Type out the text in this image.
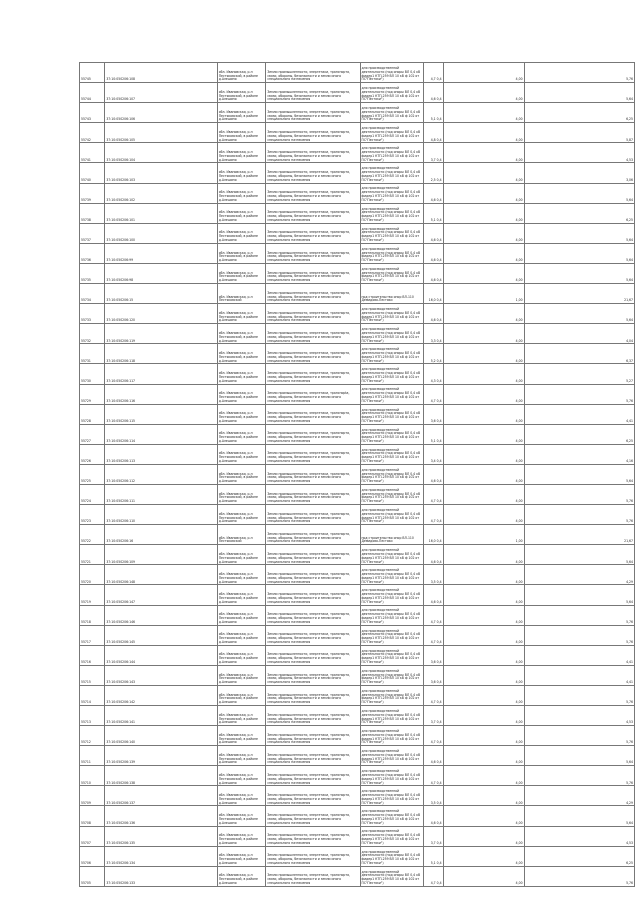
55745	37:10:050206:108	обл. Ивановская, р-н Пестяковский, в районе д.Алешино	Земли промышленности, энергетики, транспорта, связи, обороны, безопасности и земли иного специального назначения	для производственной деятельности (под опоры ВЛ 0,4 кВ фидер1 КТП-259 ВЛ 10 кВ ф 102 от ПС"Пестяки")	4,70,4	4,00	5,76
55744	37:10:050206:107	обл. Ивановская, р-н Пестяковский, в районе д.Алешино	Земли промышленности, энергетики, транспорта, связи, обороны, безопасности и земли иного специального назначения	для производственной деятельности (под опоры ВЛ 0,4 кВ фидер1 КТП-259 ВЛ 10 кВ ф 102 от ПС"Пестяки")	4,60,4	4,00	5,64
55743	37:10:050206:106	обл. Ивановская, р-н Пестяковский, в районе д.Алешино	Земли промышленности, энергетики, транспорта, связи, обороны, безопасности и земли иного специального назначения	для производственной деятельности (под опоры ВЛ 0,4 кВ фидер1 КТП-259 ВЛ 10 кВ ф 102 от ПС"Пестяки")	5,10,4	4,00	6,25
55742	37:10:050206:105	обл. Ивановская, р-н Пестяковский, в районе д.Алешино	Земли промышленности, энергетики, транспорта, связи, обороны, безопасности и земли иного специального назначения	для производственной деятельности (под опоры ВЛ 0,4 кВ фидер1 КТП-259 ВЛ 10 кВ ф 102 от ПС"Пестяки")	4,80,4	4,00	5,87
55741	37:10:050206:104	обл. Ивановская, р-н Пестяковский, в районе д.Алешино	Земли промышленности, энергетики, транспорта, связи, обороны, безопасности и земли иного специального назначения	для производственной деятельности (под опоры ВЛ 0,4 кВ фидер1 КТП-259 ВЛ 10 кВ ф 102 от ПС"Пестяки")	3,70,4	4,00	4,53
55740	37:10:050206:103	обл. Ивановская, р-н Пестяковский, в районе д.Алешино	Земли промышленности, энергетики, транспорта, связи, обороны, безопасности и земли иного специального назначения	для производственной деятельности (под опоры ВЛ 0,4 кВ фидер1 КТП-259 ВЛ 10 кВ ф 102 от ПС"Пестяки")	2,50,4	4,00	3,06
55739	37:10:050206:102	обл. Ивановская, р-н Пестяковский, в районе д.Алешино	Земли промышленности, энергетики, транспорта, связи, обороны, безопасности и земли иного специального назначения	для производственной деятельности (под опоры ВЛ 0,4 кВ фидер1 КТП-259 ВЛ 10 кВ ф 102 от ПС"Пестяки")	4,60,4	4,00	5,64
55738	37:10:050206:101	обл. Ивановская, р-н Пестяковский, в районе д.Алешино	Земли промышленности, энергетики, транспорта, связи, обороны, безопасности и земли иного специального назначения	для производственной деятельности (под опоры ВЛ 0,4 кВ фидер1 КТП-259 ВЛ 10 кВ ф 102 от ПС"Пестяки")	5,10,4	4,00	6,25
55737	37:10:050206:100	обл. Ивановская, р-н Пестяковский, в районе д.Алешино	Земли промышленности, энергетики, транспорта, связи, обороны, безопасности и земли иного специального назначения	для производственной деятельности (под опоры ВЛ 0,4 кВ фидер1 КТП-259 ВЛ 10 кВ ф 102 от ПС"Пестяки")	4,60,4	4,00	5,64
55736	37:10:050206:99	обл. Ивановская, р-н Пестяковский, в районе д.Алешино	Земли промышленности, энергетики, транспорта, связи, обороны, безопасности и земли иного специального назначения	для производственной деятельности (под опоры ВЛ 0,4 кВ фидер1 КТП-259 ВЛ 10 кВ ф 102 от ПС"Пестяки")	4,60,4	4,00	5,64
55735	37:10:050206:98	обл. Ивановская, р-н Пестяковский, в районе д.Алешино	Земли промышленности, энергетики, транспорта, связи, обороны, безопасности и земли иного специального назначения	для производственной деятельности (под опоры ВЛ 0,4 кВ фидер1 КТП-259 ВЛ 10 кВ ф 102 от ПС"Пестяки")	4,60,4	4,00	5,64
55734	37:10:050206:15	обл. Ивановская, р-н Пестяковский	Земли промышленности, энергетики, транспорта, связи, обороны, безопасности и земли иного специального назначения	под строительство опор ВЛ-110 Демидово-Пестяки	16,00,4	1,00	21,67
55733	37:10:050206:120	обл. Ивановская, р-н Пестяковский, в районе д.Алешино	Земли промышленности, энергетики, транспорта, связи, обороны, безопасности и земли иного специального назначения	для производственной деятельности (под опоры ВЛ 0,4 кВ фидер1 КТП-259 ВЛ 10 кВ ф 102 от ПС"Пестяки")	4,60,4	4,00	5,64
55732	37:10:050206:119	обл. Ивановская, р-н Пестяковский, в районе д.Алешино	Земли промышленности, энергетики, транспорта, связи, обороны, безопасности и земли иного специального назначения	для производственной деятельности (под опоры ВЛ 0,4 кВ фидер1 КТП-259 ВЛ 10 кВ ф 102 от ПС"Пестяки")	3,30,4	4,00	4,04
55731	37:10:050206:118	обл. Ивановская, р-н Пестяковский, в районе д.Алешино	Земли промышленности, энергетики, транспорта, связи, обороны, безопасности и земли иного специального назначения	для производственной деятельности (под опоры ВЛ 0,4 кВ фидер1 КТП-259 ВЛ 10 кВ ф 102 от ПС"Пестяки")	5,20,4	4,00	6,37
55730	37:10:050206:117	обл. Ивановская, р-н Пестяковский, в районе д.Алешино	Земли промышленности, энергетики, транспорта, связи, обороны, безопасности и земли иного специального назначения	для производственной деятельности (под опоры ВЛ 0,4 кВ фидер1 КТП-259 ВЛ 10 кВ ф 102 от ПС"Пестяки")	4,30,4	4,00	5,27
55729	37:10:050206:116	обл. Ивановская, р-н Пестяковский, в районе д.Алешино	Земли промышленности, энергетики, транспорta, связи, обороны, безопасности и земли иного специального назначения	для производственной деятельности (под опоры ВЛ 0,4 кВ фидер1 КТП-259 ВЛ 10 кВ ф 102 от ПС"Пестяки")	4,70,4	4,00	5,76
55728	37:10:050206:115	обл. Ивановская, р-н Пестяковский, в районе д.Алешино	Земли промышленности, энергетики, транспорта, связи, обороны, безопасности и земли иного специального назначения	для производственной деятельности (под опоры ВЛ 0,4 кВ фидер1 КТП-259 ВЛ 10 кВ ф 102 от ПС"Пестяки")	3,60,4	4,00	4,41
55727	37:10:050206:114	обл. Ивановская, р-н Пестяковский, в районе д.Алешино	Земли промышленности, энергетики, транспорта, связи, обороны, безопасности и земли иного специального назначения	для производственной деятельности (под опоры ВЛ 0,4 кВ фидер1 КТП-259 ВЛ 10 кВ ф 102 от ПС"Пестяки")	5,10,4	4,00	6,25
55726	37:10:050206:113	обл. Ивановская, р-н Пестяковский, в районе д.Алешино	Земли промышленности, энергетики, транспорта, связи, обороны, безопасности и земли иного специального назначения	для производственной деятельности (под опоры ВЛ 0,4 кВ фидер1 КТП-259 ВЛ 10 кВ ф 102 от ПС"Пестяки")	3,40,4	4,00	4,16
55725	37:10:050206:112	обл. Ивановская, р-н Пестяковский, в районе д.Алешино	Земли промышленности, энергетики, транспорта, связи, обороны, безопасности и земли иного специального назначения	для производственной деятельности (под опоры ВЛ 0,4 кВ фидер1 КТП-259 ВЛ 10 кВ ф 102 от ПС"Пестяки")	4,60,4	4,00	5,64
55724	37:10:050206:111	обл. Ивановская, р-н Пестяковский, в районе д.Алешино	Земли промышленности, энергетики, транспорта, связи, обороны, безопасности и земли иного специального назначения	для производственной деятельности (под опоры ВЛ 0,4 кВ фидер1 КТП-259 ВЛ 10 кВ ф 102 от ПС"Пестяки")	4,70,4	4,00	5,76
55723	37:10:050206:110	обл. Ивановская, р-н Пестяковский, в районе д.Алешино	Земли промышленности, энергетики, транспорта, связи, обороны, безопасности и земли иного специального назначения	для производственной деятельности (под опоры ВЛ 0,4 кВ фидер1 КТП-259 ВЛ 10 кВ ф 102 от ПС"Пестяки")	4,70,4	4,00	5,76
55722	37:10:050206:16	обл. Ивановская, р-н Пестяковский	Земли промышленности, энергетики, транспорта, связи, обороны, безопасности и земли иного специального назначения	под строительство опор ВЛ-110 Демидово-Пестяки	16,00,4	1,00	21,67
55721	37:10:050206:109	обл. Ивановская, р-н Пестяковский, в районе д.Алешино	Земли промышленности, энергетики, транспорта, связи, обороны, безопасности и земли иного специального назначения	для производственной деятельности (под опоры ВЛ 0,4 кВ фидер1 КТП-259 ВЛ 10 кВ ф 102 от ПС"Пестяки")	4,60,4	4,00	5,64
55720	37:10:050206:148	обл. Ивановская, р-н Пестяковский, в районе д.Алешино	Земли промышленности, энергетики, транспорта, связи, обороны, безопасности и земли иного специального назначения	для производственной деятельности (под опоры ВЛ 0,4 кВ фидер1 КТП-259 ВЛ 10 кВ ф 102 от ПС"Пестяки")	3,50,4	4,00	4,29
55719	37:10:050206:147	обл. Ивановская, р-н Пестяковский, в районе д.Алешино	Земли промышленности, энергетики, транспорта, связи, обороны, безопасности и земли иного специального назначения	для производственной деятельности (под опоры ВЛ 0,4 кВ фидер1 КТП-259 ВЛ 10 кВ ф 102 от ПС"Пестяки")	4,60,4	4,00	5,64
55718	37:10:050206:146	обл. Ивановская, р-н Пестяковский, в районе д.Алешино	Земли промышленности, энергетики, транспорта, связи, обороны, безопасности и земли иного специального назначения	для производственной деятельности (под опоры ВЛ 0,4 кВ фидер1 КТП-259 ВЛ 10 кВ ф 102 от ПС"Пестяки")	4,70,4	4,00	5,76
55717	37:10:050206:145	обл. Ивановская, р-н Пестяковский, в районе д.Алешино	Земли промышленности, энергетики, транспорта, связи, обороны, безопасности и земли иного специального назначения	для производственной деятельности (под опоры ВЛ 0,4 кВ фидер1 КТП-259 ВЛ 10 кВ ф 102 от ПС"Пестяки")	4,70,4	4,00	5,76
55716	37:10:050206:144	обл. Ивановская, р-н Пестяковский, в районе д.Алешино	Земли промышленности, энергетики, транспорта, связи, обороны, безопасности и земли иного специального назначения	для производственной деятельности (под опоры ВЛ 0,4 кВ фидер1 КТП-259 ВЛ 10 кВ ф 102 от ПС"Пестяки")	3,60,4	4,00	4,41
55715	37:10:050206:143	обл. Ивановская, р-н Пестяковский, в районе д.Алешино	Земли промышленности, энергетики, транспорта, связи, обороны, безопасности и земли иного специального назначения	для производственной деятельности (под опоры ВЛ 0,4 кВ фидер1 КТП-259 ВЛ 10 кВ ф 102 от ПС"Пестяки")	3,60,4	4,00	4,41
55714	37:10:050206:142	обл. Ивановская, р-н Пестяковский, в районе д.Алешино	Земли промышленности, энергетики, транспорта, связи, обороны, безопасности и земли иного специального назначения	для производственной деятельности (под опоры ВЛ 0,4 кВ фидер1 КТП-259 ВЛ 10 кВ ф 102 от ПС"Пестяки")	4,70,4	4,00	5,76
55713	37:10:050206:141	обл. Ивановская, р-н Пестяковский, в районе д.Алешино	Земли промышленности, энергетики, транспорта, связи, обороны, безопасности и земли иного специального назначения	для производственной деятельности (под опоры ВЛ 0,4 кВ фидер1 КТП-259 ВЛ 10 кВ ф 102 от ПС"Пестяки")	3,70,4	4,00	4,53
55712	37:10:050206:140	обл. Ивановская, р-н Пестяковский, в районе д.Алешино	Земли промышленности, энергетики, транспорта, связи, обороны, безопасности и земли иного специального назначения	для производственной деятельности (под опоры ВЛ 0,4 кВ фидер1 КТП-259 ВЛ 10 кВ ф 102 от ПС"Пестяки")	4,70,4	4,00	5,76
55711	37:10:050206:139	обл. Ивановская, р-н Пестяковский, в районе д.Алешино	Земли промышленности, энергетики, транспорта, связи, обороны, безопасности и земли иного специального назначения	для производственной деятельности (под опоры ВЛ 0,4 кВ фидер1 КТП-259 ВЛ 10 кВ ф 102 от ПС"Пестяки")	4,60,4	4,00	5,64
55710	37:10:050206:138	обл. Ивановская, р-н Пестяковский, в районе д.Алешино	Земли промышленности, энергетики, транспорта, связи, обороны, безопасности и земли иного специального назначения	для производственной деятельности (под опоры ВЛ 0,4 кВ фидер1 КТП-259 ВЛ 10 кВ ф 102 от ПС"Пестяки")	4,70,4	4,00	5,76
55709	37:10:050206:137	обл. Ивановская, р-н Пестяковский, в районе д.Алешино	Земли промышленности, энергетики, транспорта, связи, обороны, безопасности и земли иного специального назначения	для производственной деятельности (под опоры ВЛ 0,4 кВ фидер1 КТП-259 ВЛ 10 кВ ф 102 от ПС"Пестяки")	3,50,4	4,00	4,29
55708	37:10:050206:136	обл. Ивановская, р-н Пестяковский, в районе д.Алешино	Земли промышленности, энергетики, транспорта, связи, обороны, безопасности и земли иного специального назначения	для производственной деятельности (под опоры ВЛ 0,4 кВ фидер1 КТП-259 ВЛ 10 кВ ф 102 от ПС"Пестяки")	4,60,4	4,00	5,64
55707	37:10:050206:135	обл. Ивановская, р-н Пестяковский, в районе д.Алешино	Земли промышленности, энергетики, транспорта, связи, обороны, безопасности и земли иного специального назначения	для производственной деятельности (под опоры ВЛ 0,4 кВ фидер1 КТП-259 ВЛ 10 кВ ф 102 от ПС"Пестяки")	3,70,4	4,00	4,53
55706	37:10:050206:134	обл. Ивановская, р-н Пестяковский, в районе д.Алешино	Земли промышленности, энергетики, транспорта, связи, обороны, безопасности и земли иного специального назначения	для производственной деятельности (под опоры ВЛ 0,4 кВ фидер1 КТП-259 ВЛ 10 кВ ф 102 от ПС"Пестяки")	5,10,4	4,00	6,25
55705	37:10:050206:133	обл. Ивановская, р-н Пестяковский, в районе д.Алешино	Земли промышленности, энергетики, транспорта, связи, обороны, безопасности и земли иного специального назначения	для производственной деятельности (под опоры ВЛ 0,4 кВ фидер1 КТП-259 ВЛ 10 кВ ф 102 от ПС"Пестяки")	4,70,4	4,00	5,76
